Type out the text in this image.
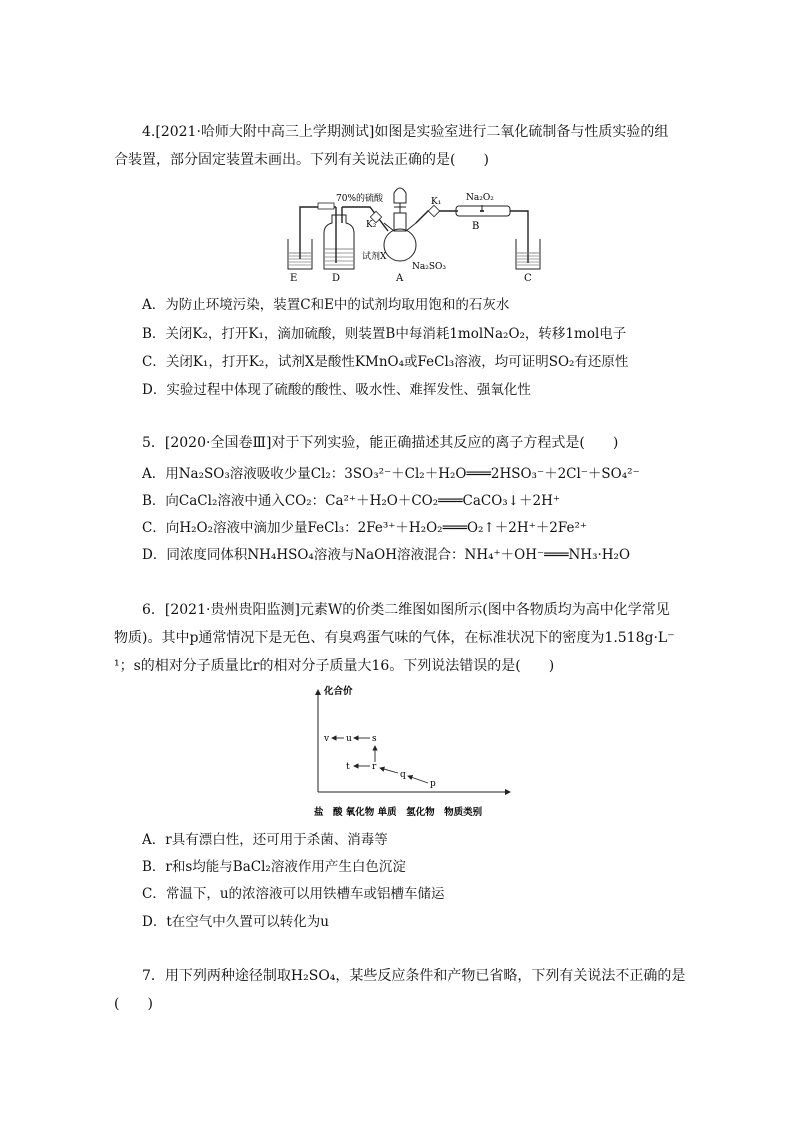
4.[2021·哈师大附中高三上学期测试]如图是实验室进行二氧化硫制备与性质实验的组合装置，部分固定装置未画出。下列有关说法正确的是(　　)
70%的硫酸
K₂
K₁	Na₂O₂
B
试剂X
Na₂SO₃
E	D	A	C
A．为防止环境污染，装置C和E中的试剂均取用饱和的石灰水
B．关闭K₂，打开K₁，滴加硫酸，则装置B中每消耗1molNa₂O₂，转移1mol电子
C．关闭K₁，打开K₂，试剂X是酸性KMnO₄或FeCl₃溶液，均可证明SO₂有还原性
D．实验过程中体现了硫酸的酸性、吸水性、难挥发性、强氧化性
5．[2020·全国卷Ⅲ]对于下列实验，能正确描述其反应的离子方程式是(　　)
A．用Na₂SO₃溶液吸收少量Cl₂：3SO₃²⁻＋Cl₂＋H₂O═══2HSO₃⁻＋2Cl⁻＋SO₄²⁻
B．向CaCl₂溶液中通入CO₂：Ca²⁺＋H₂O＋CO₂═══CaCO₃↓＋2H⁺
C．向H₂O₂溶液中滴加少量FeCl₃：2Fe³⁺＋H₂O₂═══O₂↑＋2H⁺＋2Fe²⁺
D．同浓度同体积NH₄HSO₄溶液与NaOH溶液混合：NH₄⁺＋OH⁻═══NH₃·H₂O
6．[2021·贵州贵阳监测]元素W的价类二维图如图所示(图中各物质均为高中化学常见
物质)。其中p通常情况下是无色、有臭鸡蛋气味的气体，在标准状况下的密度为1.518g·L⁻
¹；s的相对分子质量比r的相对分子质量大16。下列说法错误的是(　　)
化合价
盐　酸 氧化物 单质　氢化物　物质类别
v u s
t r
q
p
A．r具有漂白性，还可用于杀菌、消毒等
B．r和s均能与BaCl₂溶液作用产生白色沉淀
C．常温下，u的浓溶液可以用铁槽车或铝槽车储运
D．t在空气中久置可以转化为u
7．用下列两种途径制取H₂SO₄，某些反应条件和产物已省略，下列有关说法不正确的是
(　　)
